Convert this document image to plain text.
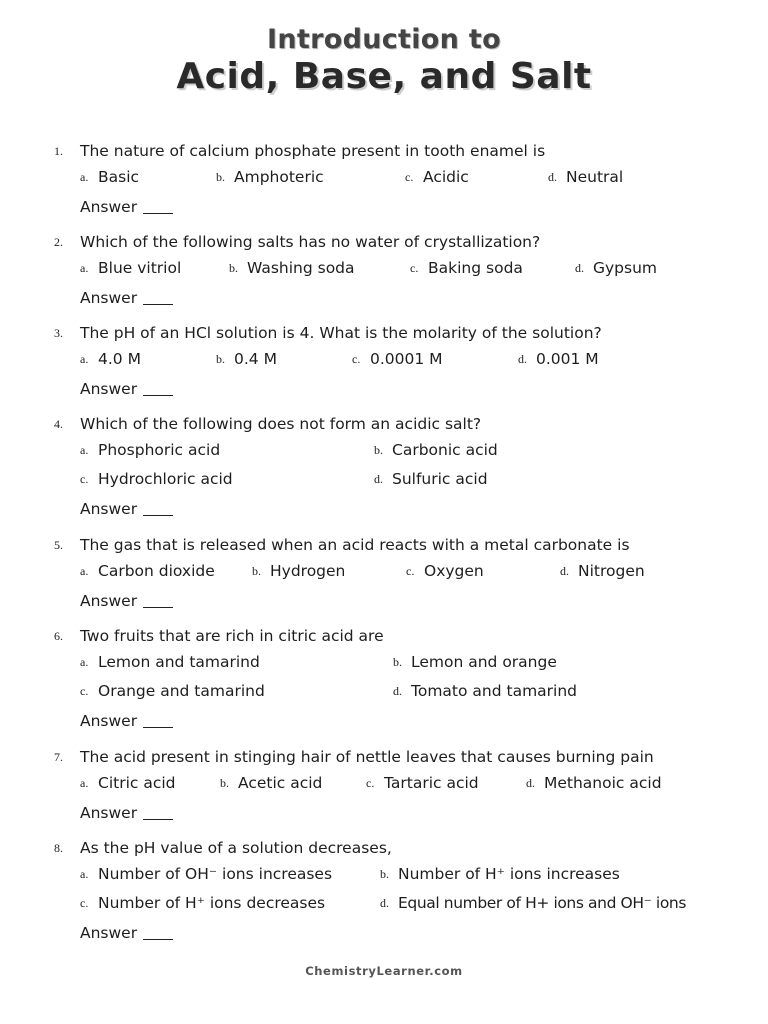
Introduction to
Acid, Base, and Salt
1. The nature of calcium phosphate present in tooth enamel is
a. Basic	b. Amphoteric	c. Acidic	d. Neutral
Answer
2. Which of the following salts has no water of crystallization?
a. Blue vitriol	b. Washing soda	c. Baking soda	d. Gypsum
Answer
3. The pH of an HCl solution is 4. What is the molarity of the solution?
a. 4.0 M	b. 0.4 M	c. 0.0001 M	d. 0.001 M
Answer
4. Which of the following does not form an acidic salt?
a. Phosphoric acid	b. Carbonic acid
c. Hydrochloric acid	d. Sulfuric acid
Answer
5. The gas that is released when an acid reacts with a metal carbonate is
a. Carbon dioxide	b. Hydrogen	c. Oxygen	d. Nitrogen
Answer
6. Two fruits that are rich in citric acid are
a. Lemon and tamarind	b. Lemon and orange
c. Orange and tamarind	d. Tomato and tamarind
Answer
7. The acid present in stinging hair of nettle leaves that causes burning pain
a. Citric acid	b. Acetic acid	c. Tartaric acid	d. Methanoic acid
Answer
8. As the pH value of a solution decreases,
a. Number of OH⁻ ions increases	b. Number of H⁺ ions increases
c. Number of H⁺ ions decreases	d. Equal number of H+ ions and OH⁻ ions
Answer
ChemistryLearner.com
